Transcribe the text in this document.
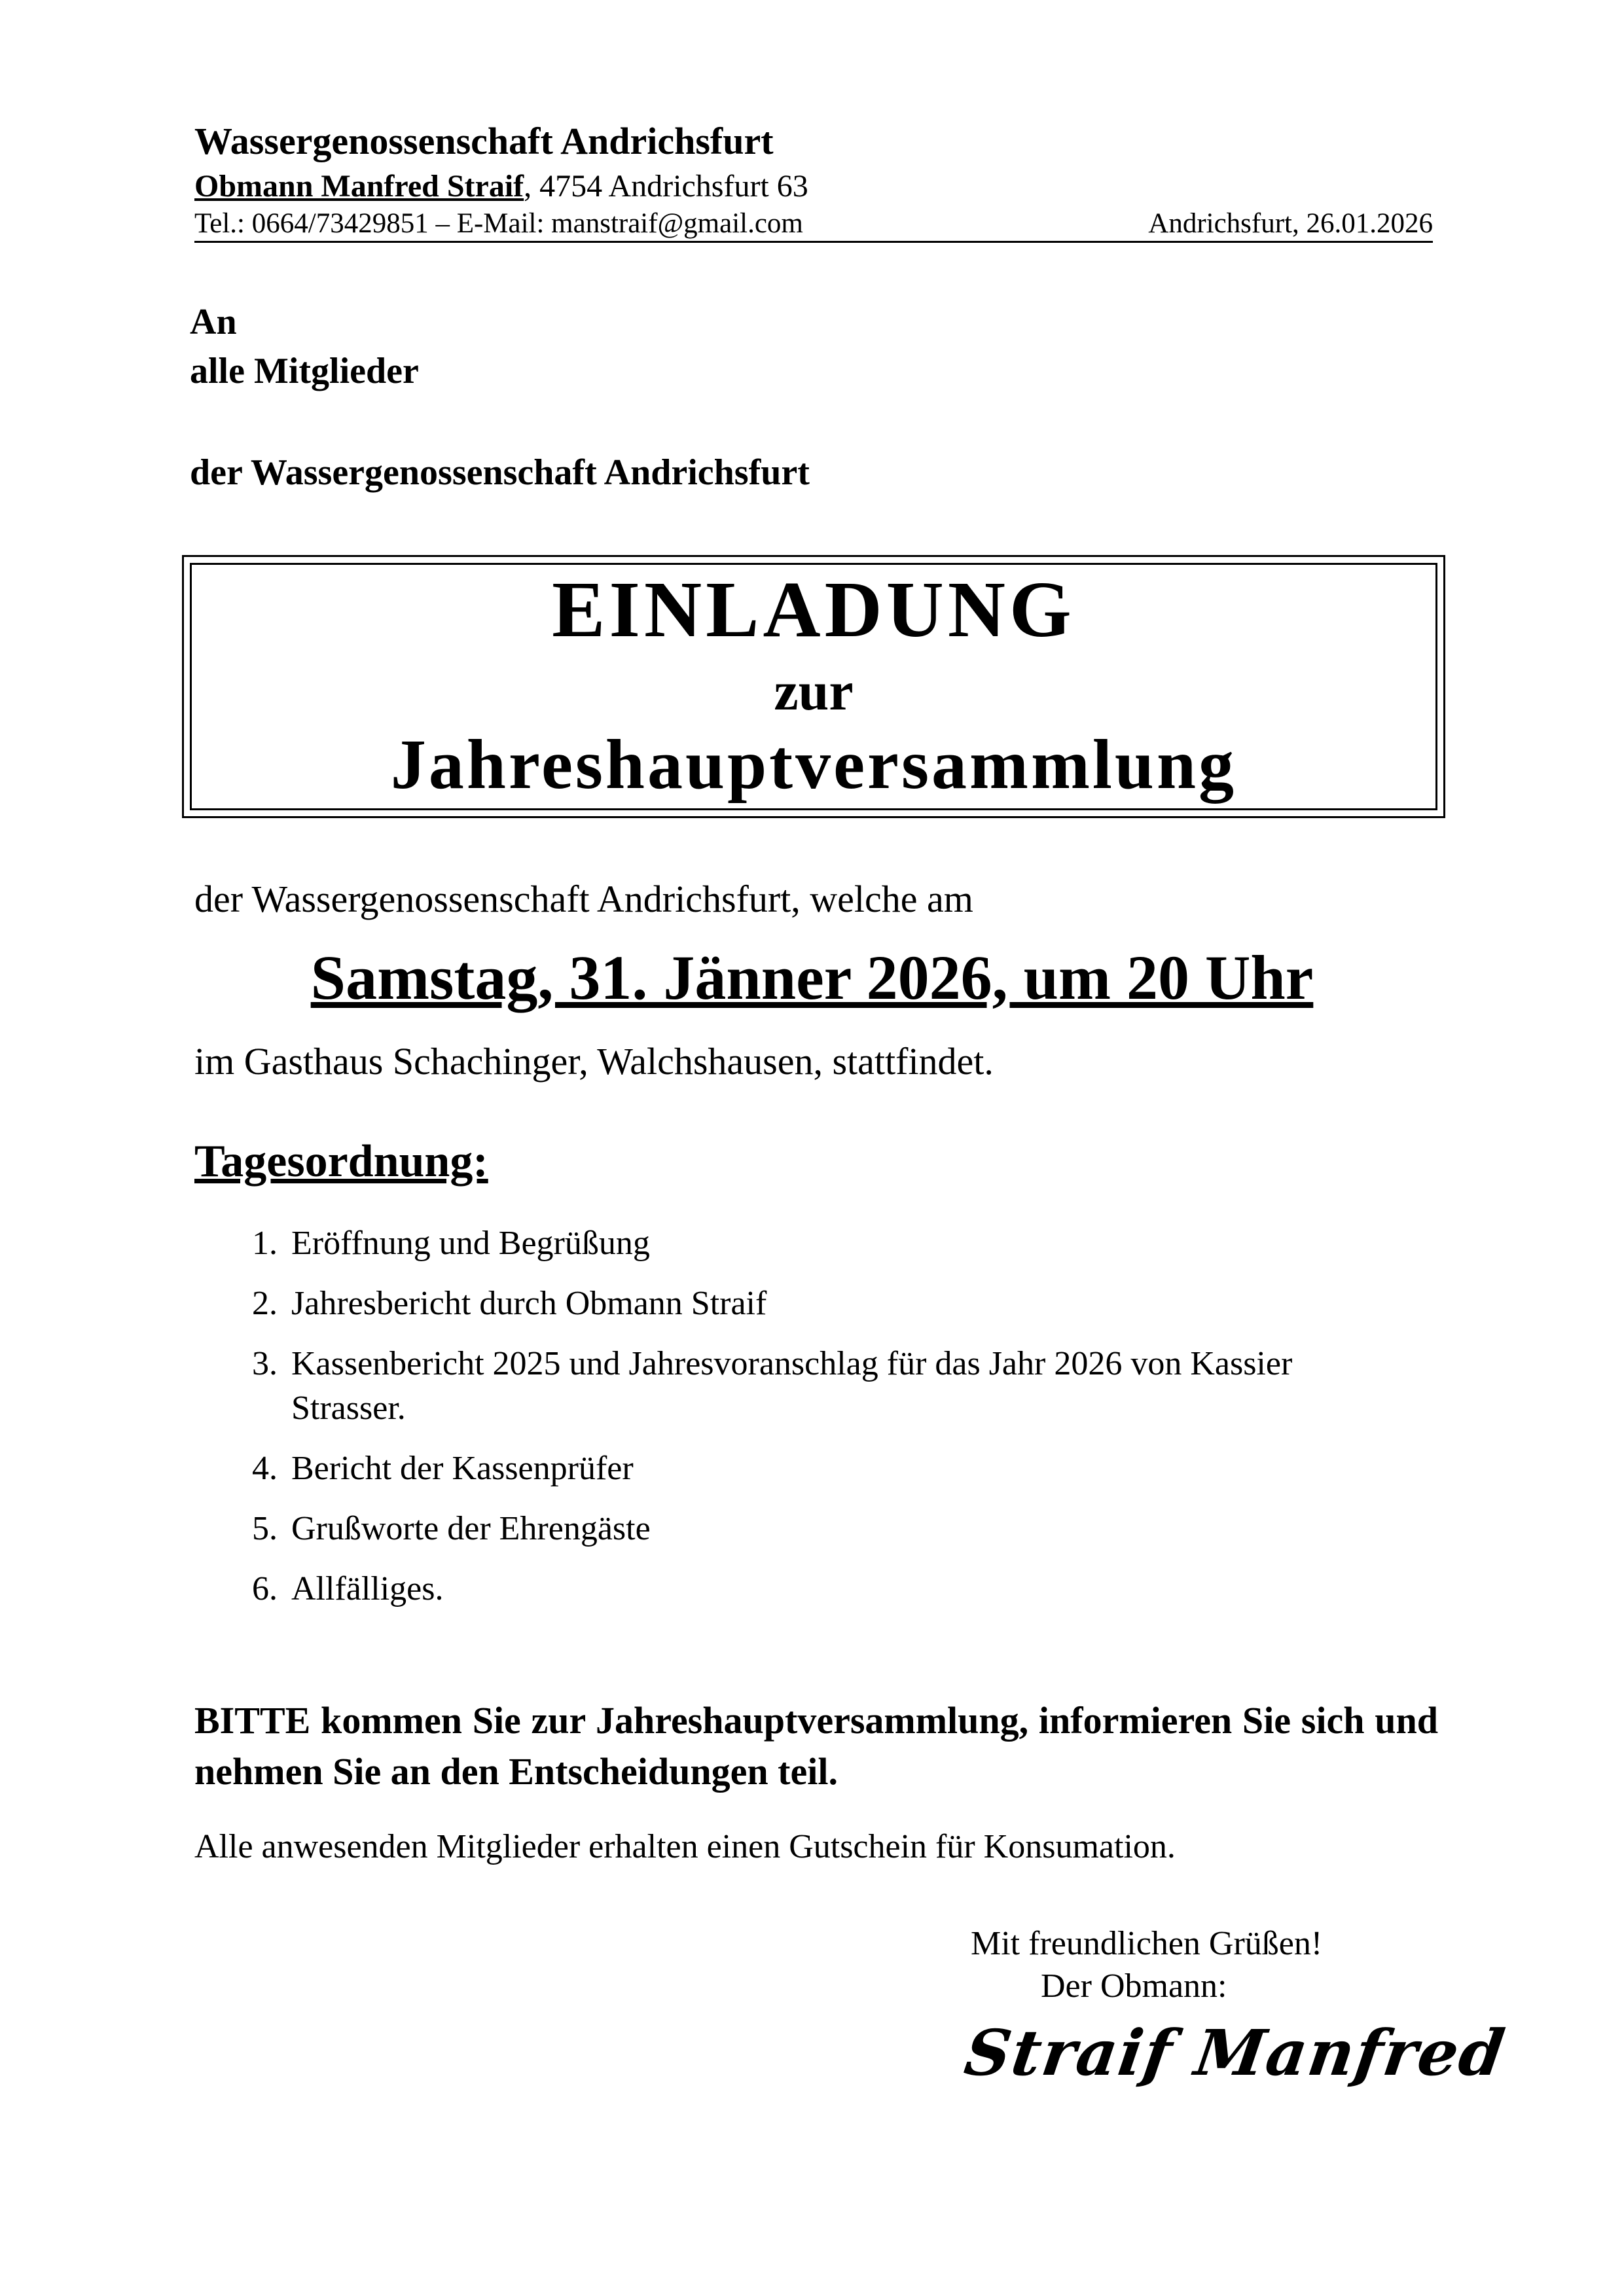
Wassergenossenschaft Andrichsfurt
Obmann Manfred Straif, 4754 Andrichsfurt 63
Tel.: 0664/73429851 – E-Mail: manstraif@gmail.com	Andrichsfurt, 26.01.2026
An
alle Mitglieder
der Wassergenossenschaft Andrichsfurt
EINLADUNG
zur
Jahreshauptversammlung
der Wassergenossenschaft Andrichsfurt, welche am
Samstag, 31. Jänner 2026, um 20 Uhr
im Gasthaus Schachinger, Walchshausen, stattfindet.
Tagesordnung:
1. Eröffnung und Begrüßung
2. Jahresbericht durch Obmann Straif
3. Kassenbericht 2025 und Jahresvoranschlag für das Jahr 2026 von Kassier
Strasser.
4. Bericht der Kassenprüfer
5. Grußworte der Ehrengäste
6. Allfälliges.
BITTE kommen Sie zur Jahreshauptversammlung, informieren Sie sich und nehmen Sie an den Entscheidungen teil.
Alle anwesenden Mitglieder erhalten einen Gutschein für Konsumation.
Mit freundlichen Grüßen!
Der Obmann:
Straif Manfred
